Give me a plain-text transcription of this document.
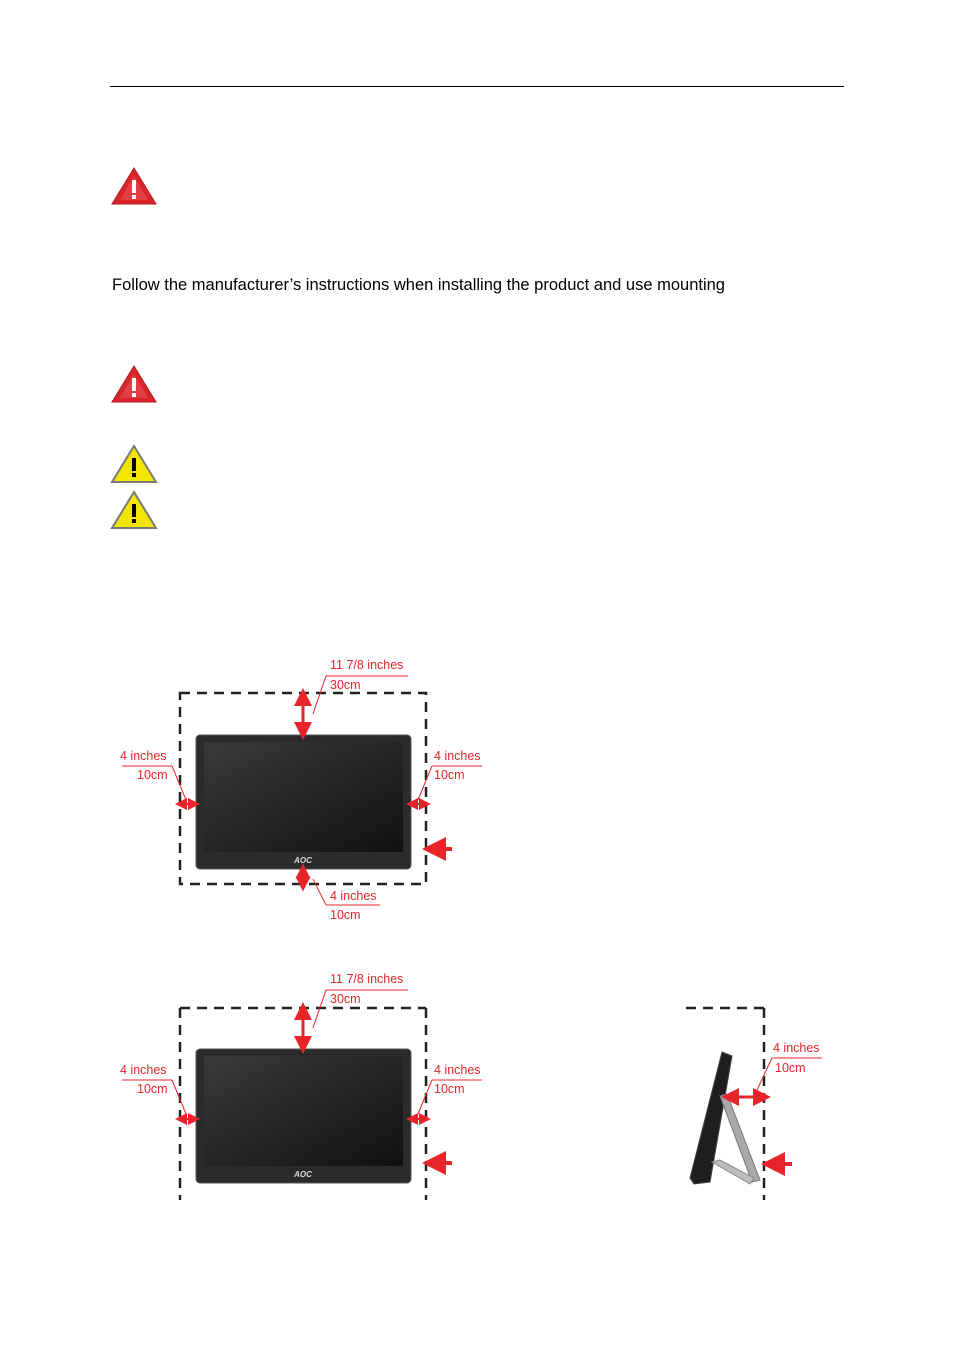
Follow the manufacturer’s instructions when installing the product and use mounting
AOC
11 7/8 inches
30cm
4 inches
10cm
4 inches
10cm
4 inches
10cm
AOC
11 7/8 inches
30cm
4 inches
10cm
4 inches
10cm
4 inches
10cm
